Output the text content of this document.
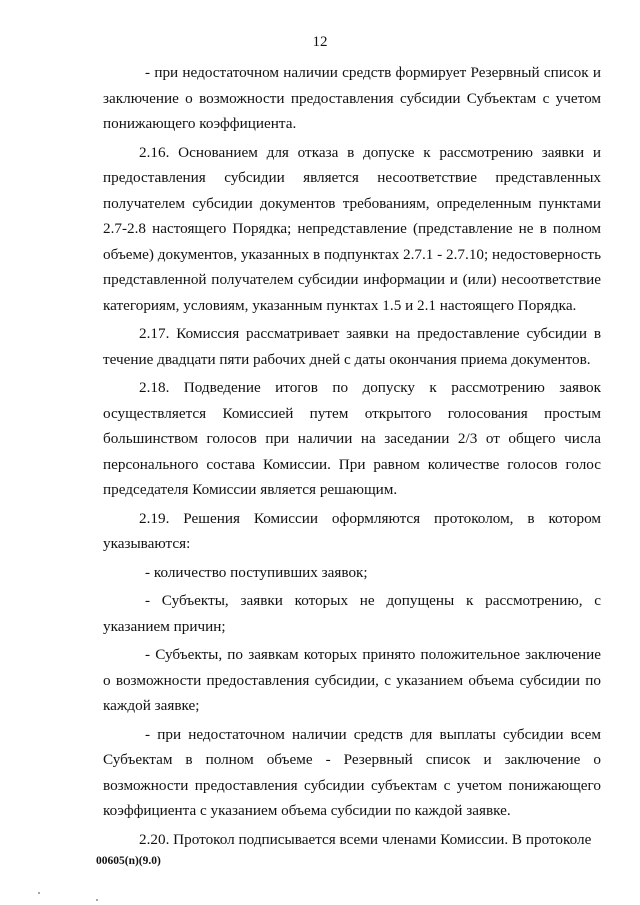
12

- при недостаточном наличии средств формирует Резервный список и заключение о возможности предоставления субсидии Субъектам с учетом понижающего коэффициента.

2.16. Основанием для отказа в допуске к рассмотрению заявки и предоставления субсидии является несоответствие представленных получателем субсидии документов требованиям, определенным пунктами 2.7-2.8 настоящего Порядка; непредставление (представление не в полном объеме) документов, указанных в подпунктах 2.7.1 - 2.7.10; недостоверность представленной получателем субсидии информации и (или) несоответствие категориям, условиям, указанным пунктах 1.5 и 2.1 настоящего Порядка.

2.17. Комиссия рассматривает заявки на предоставление субсидии в течение двадцати пяти рабочих дней с даты окончания приема документов.

2.18. Подведение итогов по допуску к рассмотрению заявок осуществляется Комиссией путем открытого голосования простым большинством голосов при наличии на заседании 2/3 от общего числа персонального состава Комиссии. При равном количестве голосов голос председателя Комиссии является решающим.

2.19. Решения Комиссии оформляются протоколом, в котором указываются:

- количество поступивших заявок;

- Субъекты, заявки которых не допущены к рассмотрению, с указанием причин;

- Субъекты, по заявкам которых принято положительное заключение о возможности предоставления субсидии, с указанием объема субсидии по каждой заявке;

- при недостаточном наличии средств для выплаты субсидии всем Субъектам в полном объеме - Резервный список и заключение о возможности предоставления субсидии субъектам с учетом понижающего коэффициента с указанием объема субсидии по каждой заявке.

2.20. Протокол подписывается всеми членами Комиссии. В протоколе

00605(n)(9.0)
